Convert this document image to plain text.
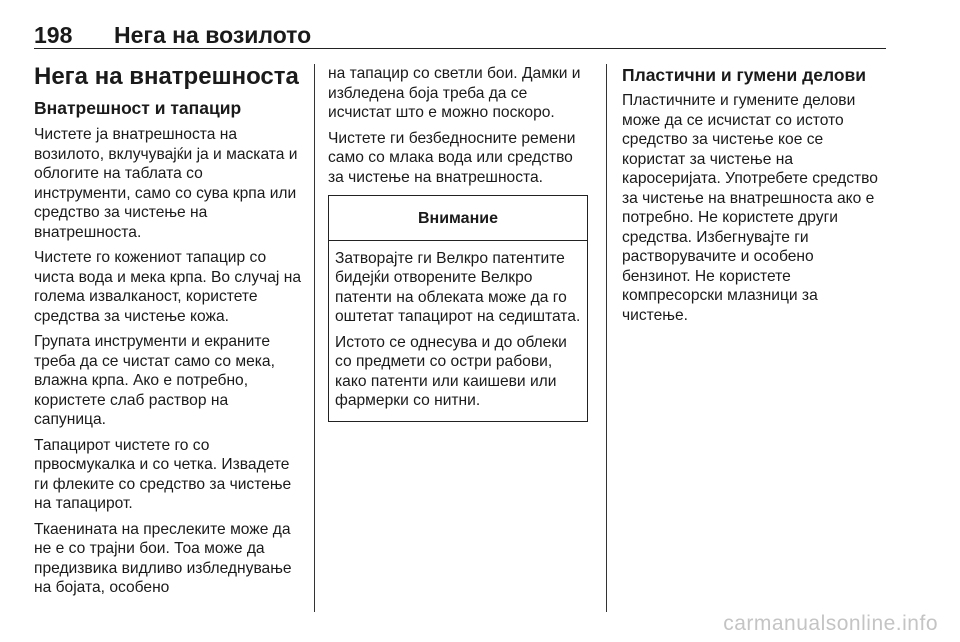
198 Нега на возилото
Нега на внатрешноста
Внатрешност и тапацир

Чистете ја внатрешноста на возилото, вклучувајќи ја и маската и облогите на таблата со инструменти, само со сува крпа или средство за чистење на внатрешноста.

Чистете го кожениот тапацир со чиста вода и мека крпа. Во случај на голема извалканост, користете средства за чистење кожа.

Групата инструменти и екраните треба да се чистат само со мека, влажна крпа. Ако е потребно, користете слаб раствор на сапуница.

Тапацирот чистете го со првосмукалка и со четка. Извадете ги флеките со средство за чистење на тапацирот.

Ткаенината на преслеките може да не е со трајни бои. Тоа може да предизвика видливо избледнување на бојата, особено

на тапацир со светли бои. Дамки и избледена боја треба да се исчистат што е можно поскоро.

Чистете ги безбедносните ремени само со млака вода или средство за чистење на внатрешноста.

Внимание

Затворајте ги Велкро патентите бидејќи отворените Велкро патенти на облеката може да го оштетат тапацирот на седиштата.

Истото се однесува и до облеки со предмети со остри рабови, како патенти или каишеви или фармерки со нитни.

Пластични и гумени делови

Пластичните и гумените делови може да се исчистат со истото средство за чистење кое се користат за чистење на каросеријата. Употребете средство за чистење на внатрешноста ако е потребно. Не користете други средства. Избегнувајте ги растворувачите и особено бензинот. Не користете компресорски млазници за чистење.

carmanualsonline.info
